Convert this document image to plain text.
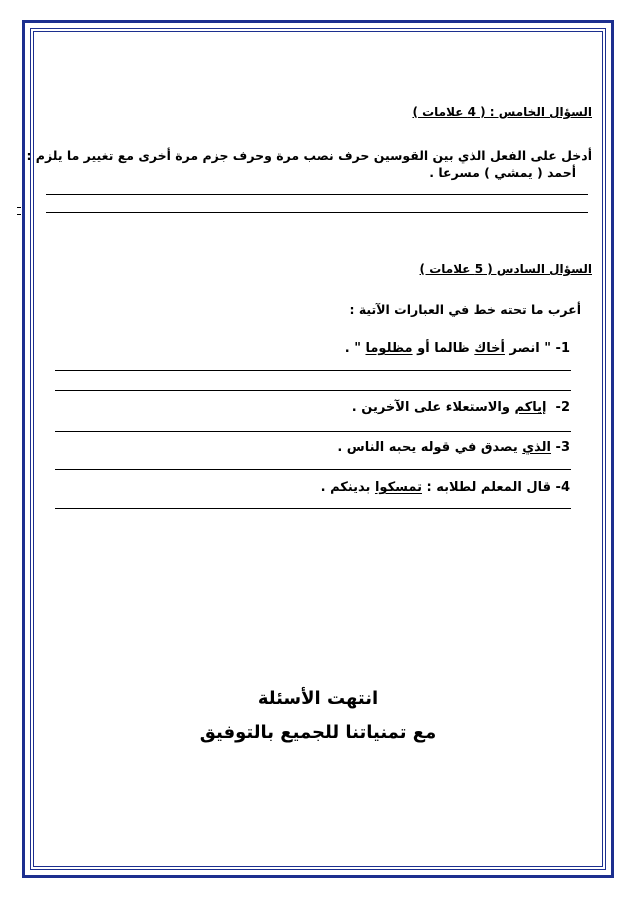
السؤال الخامس : ( 4 علامات )
أدخل على الفعل الذي بين القوسين حرف نصب مرة وحرف جزم مرة أخرى مع تغيير ما يلزم :
أحمد ( يمشي ) مسرعا .
السؤال السادس ( 5 علامات )
أعرب ما تحته خط في العبارات الآتية :
1- " انصر أخاك ظالما أو مظلوما " .
2-  إياكم والاستعلاء على الآخرين .
3- الذي يصدق في قوله يحبه الناس .
4- قال المعلم لطلابه : تمسكوا بدينكم .
انتهت الأسئلة
مع تمنياتنا للجميع بالتوفيق
